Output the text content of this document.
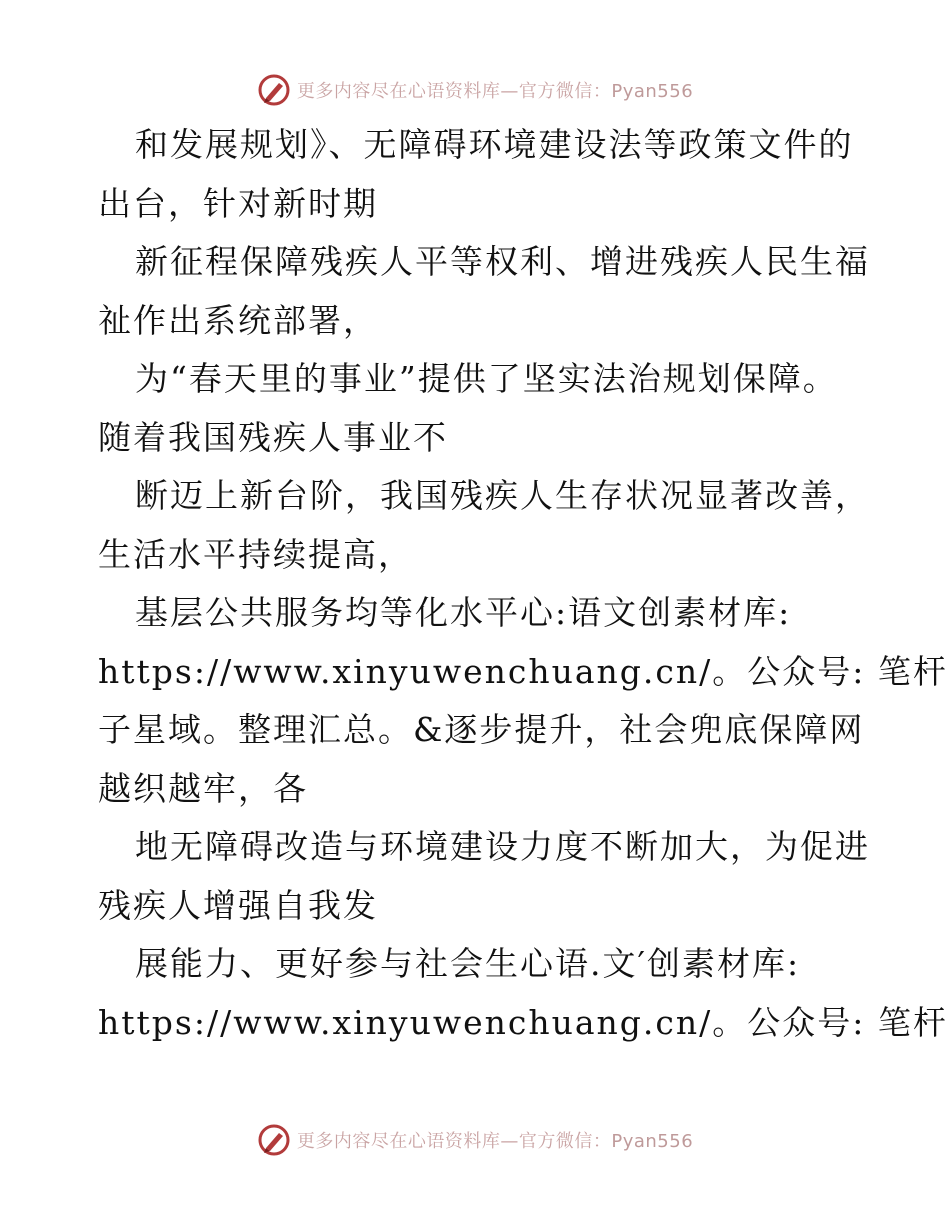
更多内容尽在心语资料库—官方微信：Pyan556
和发展规划》、无障碍环境建设法等政策文件的
出台，针对新时期
新征程保障残疾人平等权利、增进残疾人民生福
祉作出系统部署，
为“春天里的事业”提供了坚实法治规划保障。
随着我国残疾人事业不
断迈上新台阶，我国残疾人生存状况显著改善，
生活水平持续提高，
基层公共服务均等化水平心:语文创素材库:
https://www.xinyuwenchuang.cn/。公众号: 笔杆
子星域。整理汇总。&逐步提升，社会兜底保障网
越织越牢，各
地无障碍改造与环境建设力度不断加大，为促进
残疾人增强自我发
展能力、更好参与社会生心语.文′创素材库:
https://www.xinyuwenchuang.cn/。公众号: 笔杆
更多内容尽在心语资料库—官方微信：Pyan556
